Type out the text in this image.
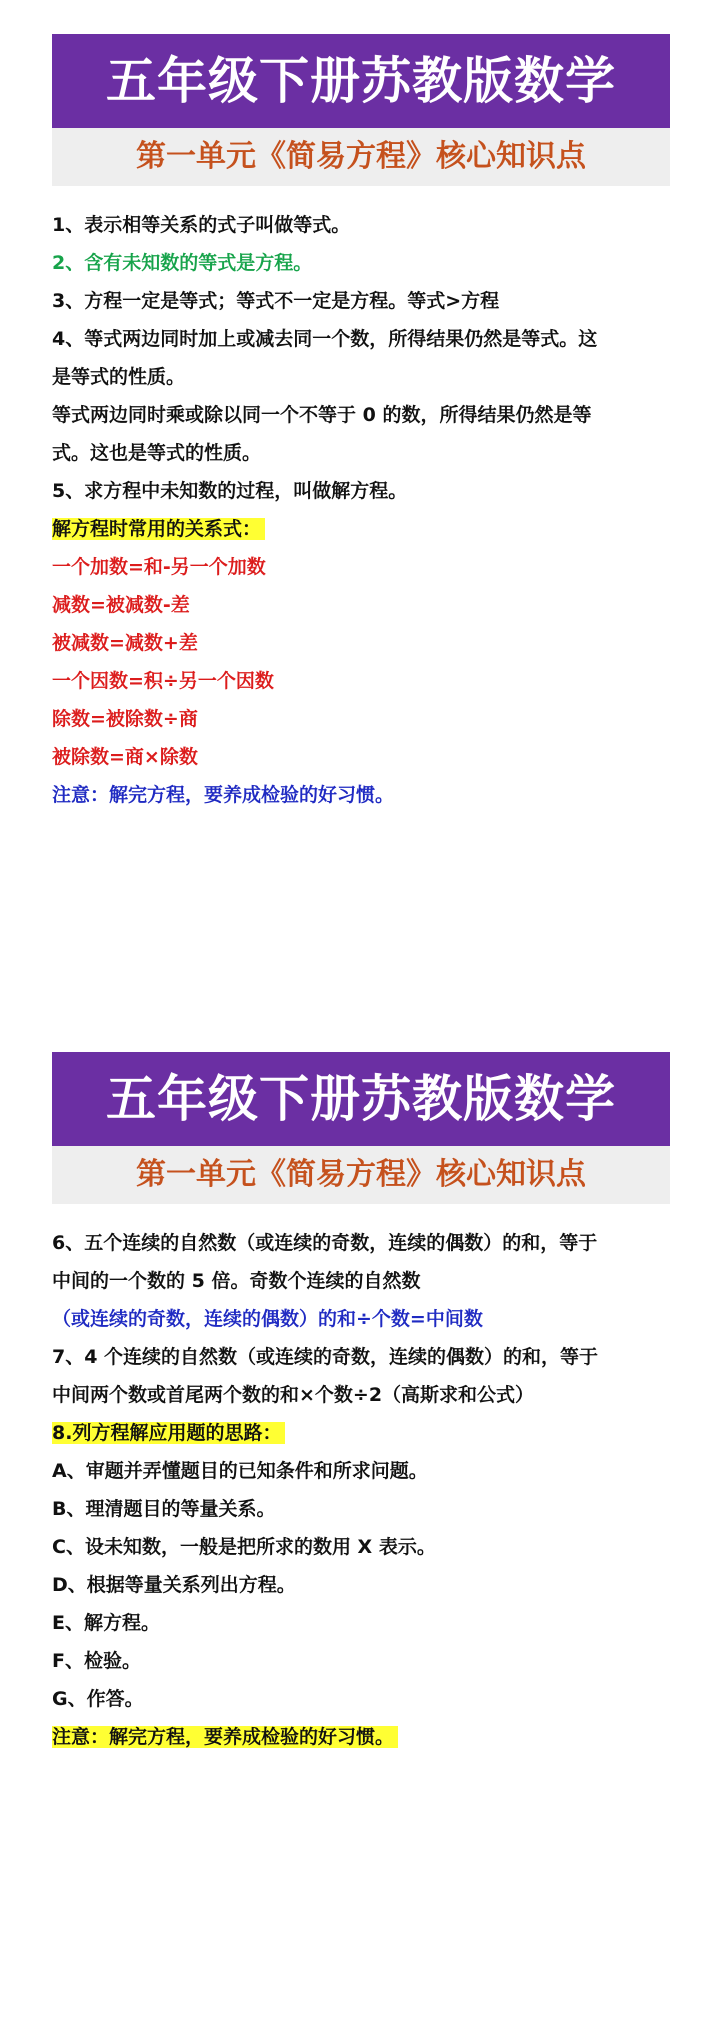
五年级下册苏教版数学
第一单元《简易方程》核心知识点
1、表示相等关系的式子叫做等式。
2、含有未知数的等式是方程。
3、方程一定是等式；等式不一定是方程。等式>方程
4、等式两边同时加上或减去同一个数，所得结果仍然是等式。这
是等式的性质。
等式两边同时乘或除以同一个不等于 0 的数，所得结果仍然是等
式。这也是等式的性质。
5、求方程中未知数的过程，叫做解方程。
解方程时常用的关系式：
一个加数=和-另一个加数
减数=被减数-差
被减数=减数+差
一个因数=积÷另一个因数
除数=被除数÷商
被除数=商×除数
注意：解完方程，要养成检验的好习惯。
五年级下册苏教版数学
第一单元《简易方程》核心知识点
6、五个连续的自然数（或连续的奇数，连续的偶数）的和，等于
中间的一个数的 5 倍。奇数个连续的自然数
（或连续的奇数，连续的偶数）的和÷个数=中间数
7、4 个连续的自然数（或连续的奇数，连续的偶数）的和，等于
中间两个数或首尾两个数的和×个数÷2（高斯求和公式）
8.列方程解应用题的思路：
A、审题并弄懂题目的已知条件和所求问题。
B、理清题目的等量关系。
C、设未知数，一般是把所求的数用 X 表示。
D、根据等量关系列出方程。
E、解方程。
F、检验。
G、作答。
注意：解完方程，要养成检验的好习惯。
